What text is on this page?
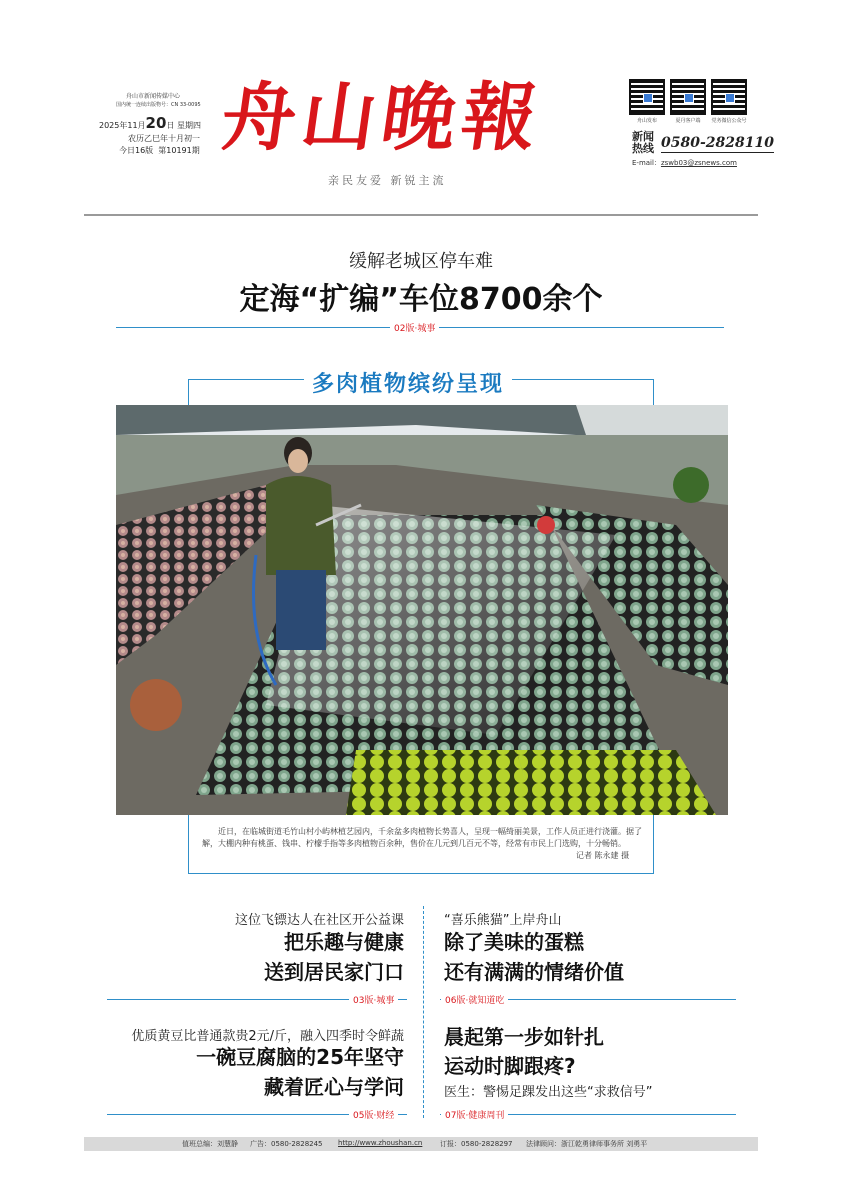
舟山市新闻传媒中心
国内统一连续出版物号：CN 33-0095
2025年11月20日 星期四
农历乙巳年十月初一
今日16版 第10191期 舟山晚報
亲民友爱 新锐主流
舟山发布	夏丹客户端	党务微信公众号
新闻
热线 0580-2828110
E-mail：zswb03@zsnews.com
缓解老城区停车难
定海“扩编”车位8700余个
02版·城事
多肉植物缤纷呈现
近日，在临城街道毛竹山村小屿林植艺园内，千余盆多肉植物长势喜人，呈现一幅绮丽美景，工作人员正进行浇灌。据了解，大棚内种有桃蛋、钱串、柠檬手指等多肉植物百余种，售价在几元到几百元不等，经常有市民上门选购，十分畅销。
记者 陈永建 摄
这位飞镖达人在社区开公益课
把乐趣与健康
送到居民家门口
03版·城事
“喜乐熊猫”上岸舟山
除了美味的蛋糕
还有满满的情绪价值
06版·就知道吃
优质黄豆比普通款贵2元/斤，融入四季时令鲜蔬
一碗豆腐脑的25年坚守
藏着匠心与学问
05版·财经
晨起第一步如针扎
运动时脚跟疼?
医生：警惕足踝发出这些“求救信号”
07版·健康周刊
值班总编：刘慧静 广告：0580-2828245 http://www.zhoushan.cn	订报：0580-2828297 法律顾问：浙江乾勇律师事务所 刘勇平
